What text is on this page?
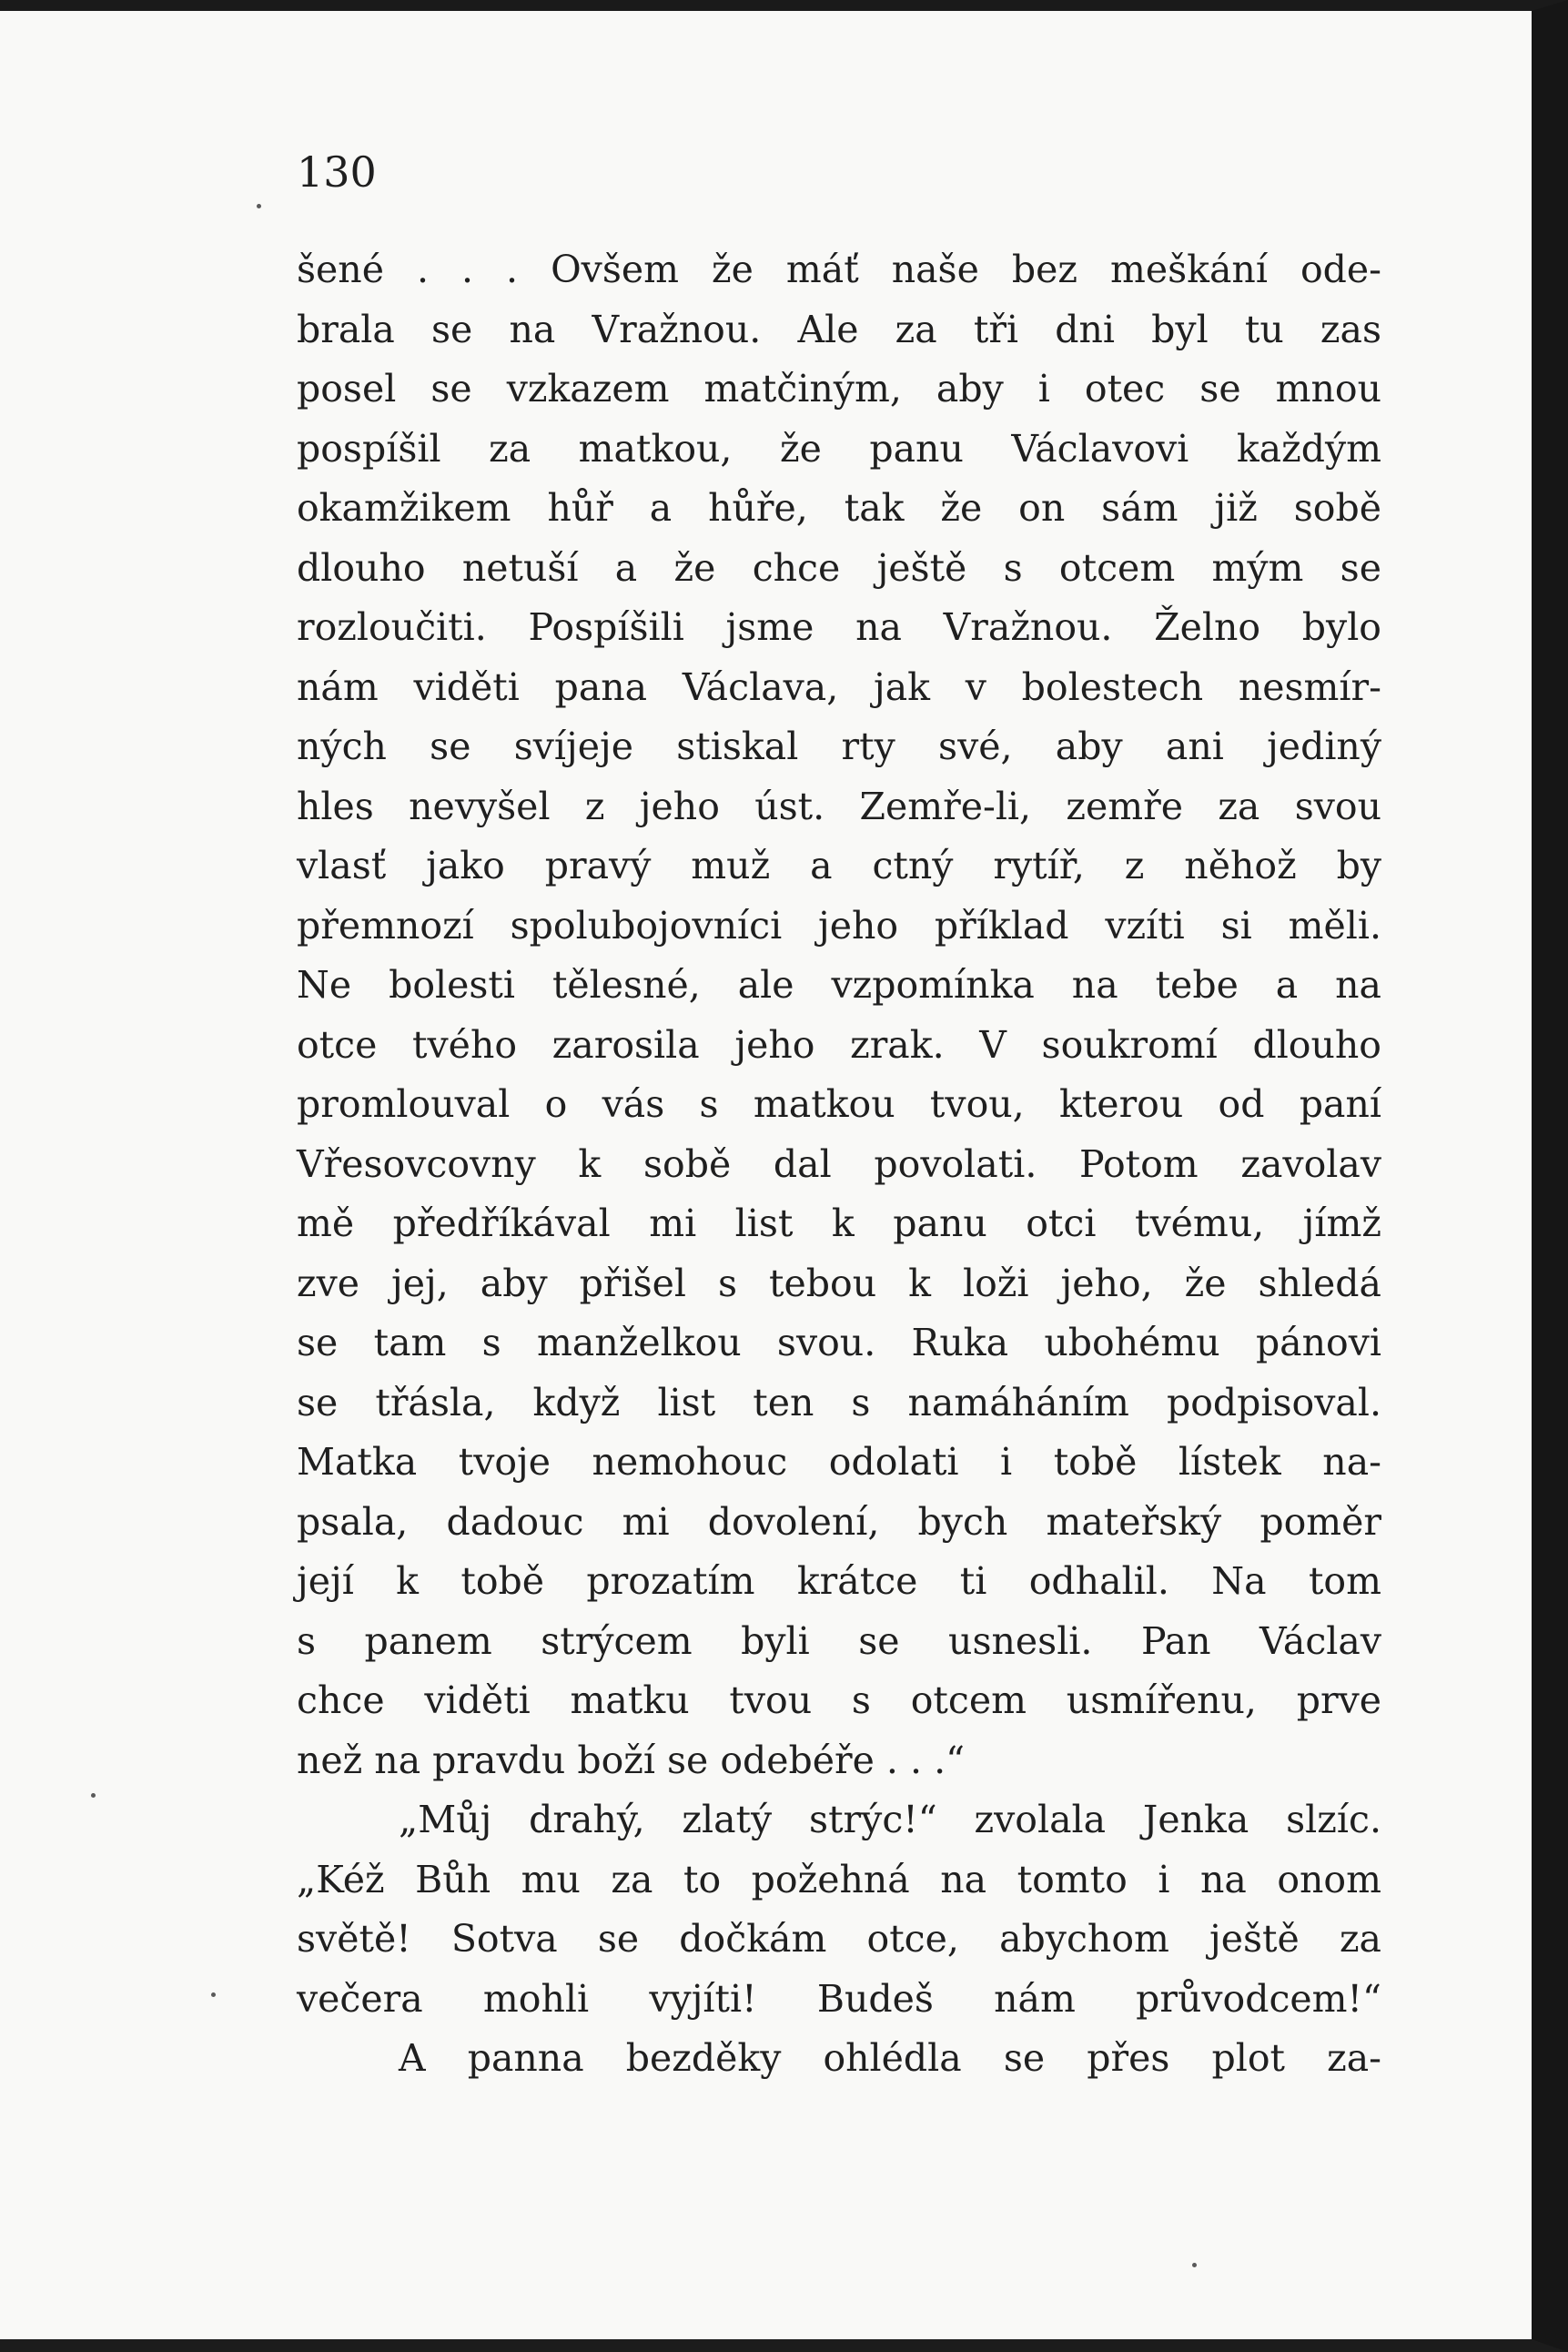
130
šené . . . Ovšem že máť naše bez meškání ode-
brala se na Vražnou. Ale za tři dni byl tu zas
posel se vzkazem matčiným, aby i otec se mnou
pospíšil za matkou, že panu Václavovi každým
okamžikem hůř a hůře, tak že on sám již sobě
dlouho netuší a že chce ještě s otcem mým se
rozloučiti. Pospíšili jsme na Vražnou. Želno bylo
nám viděti pana Václava, jak v bolestech nesmír-
ných se svíjeje stiskal rty své, aby ani jediný
hles nevyšel z jeho úst. Zemře-li, zemře za svou
vlasť jako pravý muž a ctný rytíř, z něhož by
přemnozí spolubojovníci jeho příklad vzíti si měli.
Ne bolesti tělesné, ale vzpomínka na tebe a na
otce tvého zarosila jeho zrak. V soukromí dlouho
promlouval o vás s matkou tvou, kterou od paní
Vřesovcovny k sobě dal povolati. Potom zavolav
mě předříkával mi list k panu otci tvému, jímž
zve jej, aby přišel s tebou k loži jeho, že shledá
se tam s manželkou svou. Ruka ubohému pánovi
se třásla, když list ten s namáháním podpisoval.
Matka tvoje nemohouc odolati i tobě lístek na-
psala, dadouc mi dovolení, bych mateřský poměr
její k tobě prozatím krátce ti odhalil. Na tom
s panem strýcem byli se usnesli. Pan Václav
chce viděti matku tvou s otcem usmířenu, prve
než na pravdu boží se odebéře . . .“
„Můj drahý, zlatý strýc!“ zvolala Jenka slzíc.
„Kéž Bůh mu za to požehná na tomto i na onom
světě! Sotva se dočkám otce, abychom ještě za
večera mohli vyjíti! Budeš nám průvodcem!“
A panna bezděky ohlédla se přes plot za-
